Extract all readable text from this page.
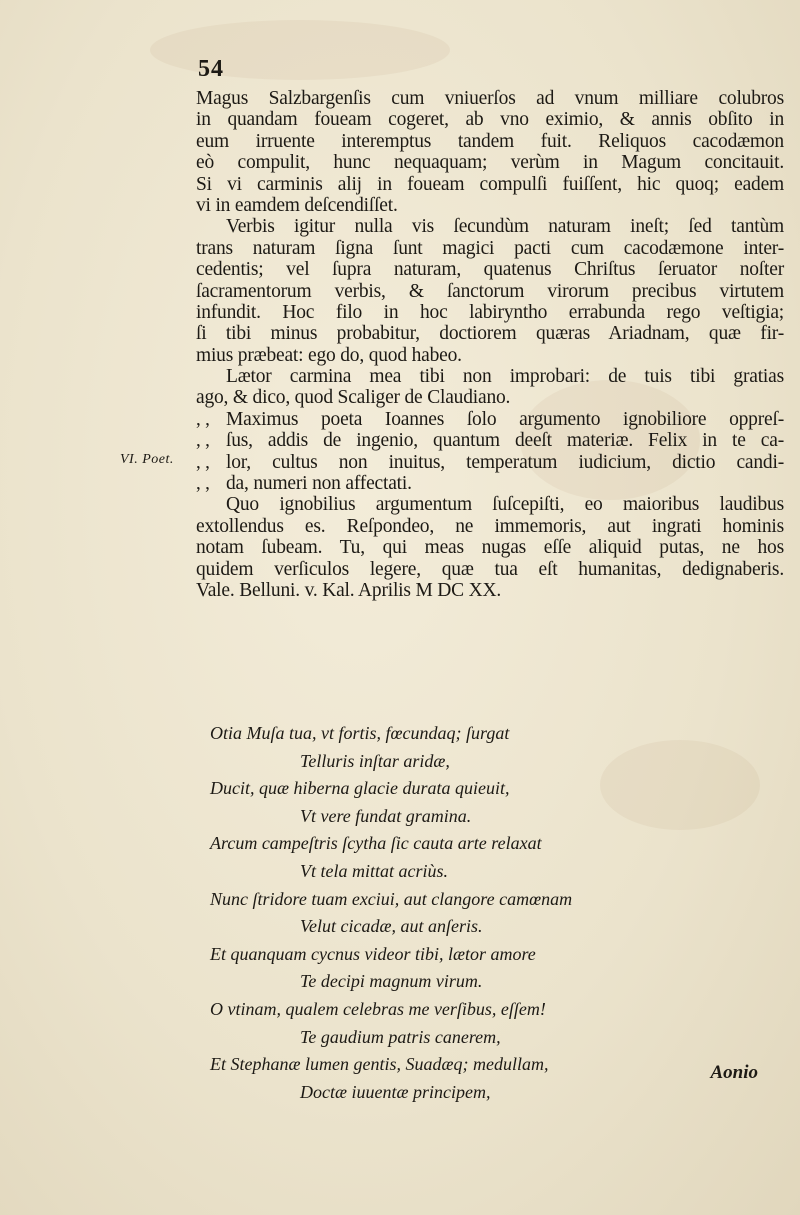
54
VI. Poet.
Magus Salzbargenſis cum vniuerſos ad vnum milliare colubros
in quandam foueam cogeret, ab vno eximio, & annis obſito in
eum irruente interemptus tandem fuit. Reliquos cacodæmon
eò compulit, hunc nequaquam; verùm in Magum concitauit.
Si vi carminis alij in foueam compulſi fuiſſent, hic quoq; eadem
vi in eamdem deſcendiſſet.
Verbis igitur nulla vis ſecundùm naturam ineſt; ſed tantùm
trans naturam ſigna ſunt magici pacti cum cacodæmone inter-
cedentis; vel ſupra naturam, quatenus Chriſtus ſeruator noſter
ſacramentorum verbis, & ſanctorum virorum precibus virtutem
infundit. Hoc filo in hoc labiryntho errabunda rego veſtigia;
ſi tibi minus probabitur, doctiorem quæras Ariadnam, quæ fir-
mius præbeat: ego do, quod habeo.
Lætor carmina mea tibi non improbari: de tuis tibi gratias
ago, & dico, quod Scaliger de Claudiano.
, , Maximus poeta Ioannes ſolo argumento ignobiliore oppreſ-
, , ſus, addis de ingenio, quantum deeſt materiæ. Felix in te ca-
, , lor, cultus non inuitus, temperatum iudicium, dictio candi-
, , da, numeri non affectati.
Quo ignobilius argumentum ſuſcepiſti, eo maioribus laudibus
extollendus es. Reſpondeo, ne immemoris, aut ingrati hominis
notam ſubeam. Tu, qui meas nugas eſſe aliquid putas, ne hos
quidem verſiculos legere, quæ tua eſt humanitas, dedignaberis.
Vale. Belluni. v. Kal. Aprilis M DC XX.
Otia Muſa tua, vt fortis, fœcundaq; ſurgat
Telluris inſtar aridæ,
Ducit, quæ hiberna glacie durata quieuit,
Vt vere fundat gramina.
Arcum campeſtris ſcytha ſic cauta arte relaxat
Vt tela mittat acriùs.
Nunc ſtridore tuam exciui, aut clangore camœnam
Velut cicadæ, aut anſeris.
Et quanquam cycnus videor tibi, lætor amore
Te decipi magnum virum.
O vtinam, qualem celebras me verſibus, eſſem!
Te gaudium patris canerem,
Et Stephanæ lumen gentis, Suadæq; medullam,
Doctæ iuuentæ principem,
Aonio
